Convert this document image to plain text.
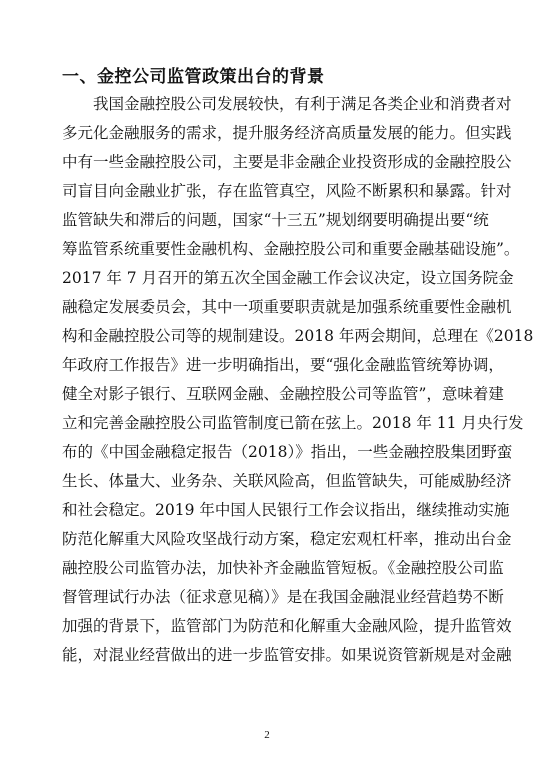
一、金控公司监管政策出台的背景
我国金融控股公司发展较快，有利于满足各类企业和消费者对
多元化金融服务的需求，提升服务经济高质量发展的能力。但实践
中有一些金融控股公司，主要是非金融企业投资形成的金融控股公
司盲目向金融业扩张，存在监管真空，风险不断累积和暴露。针对
监管缺失和滞后的问题，国家“十三五”规划纲要明确提出要“统
筹监管系统重要性金融机构、金融控股公司和重要金融基础设施”。
2017 年 7 月召开的第五次全国金融工作会议决定，设立国务院金
融稳定发展委员会，其中一项重要职责就是加强系统重要性金融机
构和金融控股公司等的规制建设。2018 年两会期间，总理在《2018
年政府工作报告》进一步明确指出，要“强化金融监管统筹协调，
健全对影子银行、互联网金融、金融控股公司等监管”，意味着建
立和完善金融控股公司监管制度已箭在弦上。2018 年 11 月央行发
布的《中国金融稳定报告（2018）》指出，一些金融控股集团野蛮
生长、体量大、业务杂、关联风险高，但监管缺失，可能威胁经济
和社会稳定。2019 年中国人民银行工作会议指出，继续推动实施
防范化解重大风险攻坚战行动方案，稳定宏观杠杆率，推动出台金
融控股公司监管办法，加快补齐金融监管短板。《金融控股公司监
督管理试行办法（征求意见稿）》是在我国金融混业经营趋势不断
加强的背景下，监管部门为防范和化解重大金融风险，提升监管效
能，对混业经营做出的进一步监管安排。如果说资管新规是对金融
2
